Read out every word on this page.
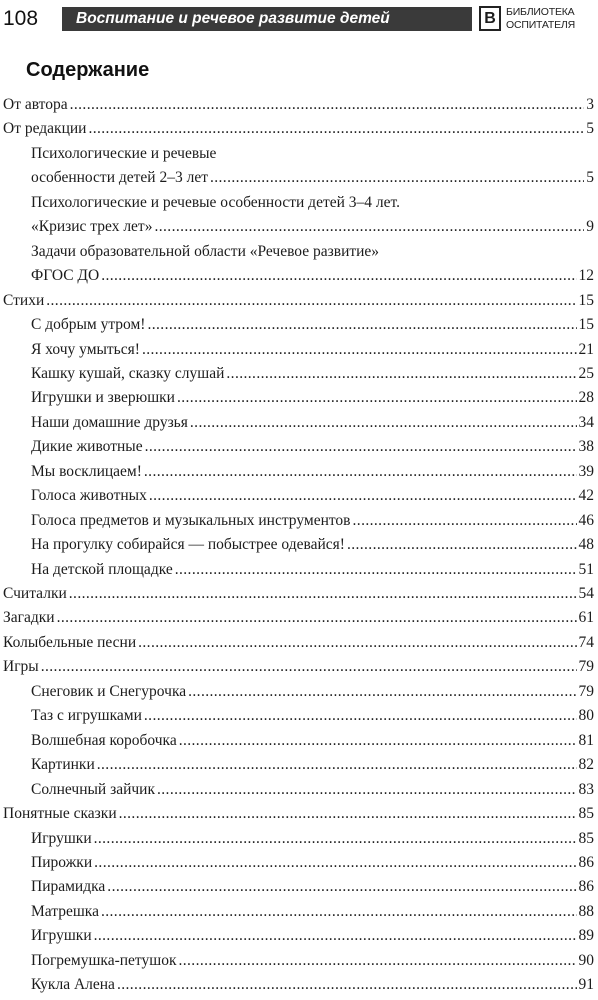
108	Воспитание и речевое развитие детей	В БИБЛИОТЕКА
ОСПИТАТЕЛЯ
Содержание
От автора .....	3
От редакции .....	5
Психологические и речевые
особенности детей 2–3 лет .....	5
Психологические и речевые особенности детей 3–4 лет.
«Кризис трех лет» .....	9
Задачи образовательной области «Речевое развитие»
ФГОС ДО .....	12
Стихи .....	15
С добрым утром! .....	15
Я хочу умыться! .....	21
Кашку кушай, сказку слушай .....	25
Игрушки и зверюшки .....	28
Наши домашние друзья .....	34
Дикие животные .....	38
Мы восклицаем! .....	39
Голоса животных .....	42
Голоса предметов и музыкальных инструментов .....	46
На прогулку собирайся — побыстрее одевайся! .....	48
На детской площадке .....	51
Считалки .....	54
Загадки .....	61
Колыбельные песни .....	74
Игры .....	79
Снеговик и Снегурочка .....	79
Таз с игрушками .....	80
Волшебная коробочка .....	81
Картинки .....	82
Солнечный зайчик .....	83
Понятные сказки .....	85
Игрушки .....	85
Пирожки .....	86
Пирамидка .....	86
Матрешка .....	88
Игрушки .....	89
Погремушка-петушок .....	90
Кукла Алена .....	91
